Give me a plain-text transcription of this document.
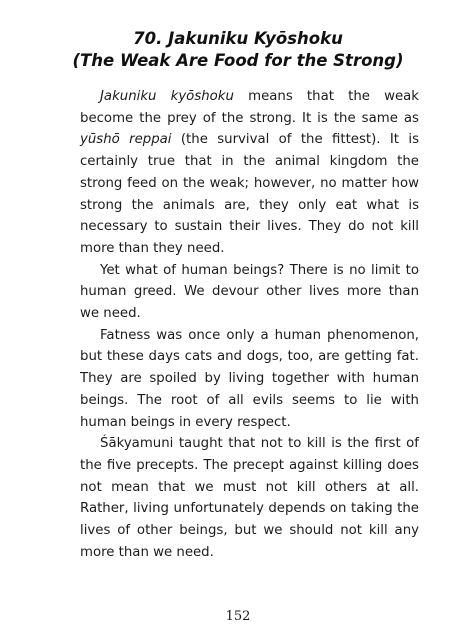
70. Jakuniku Kyōshoku
(The Weak Are Food for the Strong)

Jakuniku kyōshoku means that the weak become the prey of the strong. It is the same as yūshō reppai (the survival of the fittest). It is certainly true that in the animal kingdom the strong feed on the weak; however, no matter how strong the animals are, they only eat what is necessary to sustain their lives. They do not kill more than they need.

Yet what of human beings? There is no limit to human greed. We devour other lives more than we need.

Fatness was once only a human phenomenon, but these days cats and dogs, too, are getting fat. They are spoiled by living together with human beings. The root of all evils seems to lie with human beings in every respect.

Śākyamuni taught that not to kill is the first of the five precepts. The precept against killing does not mean that we must not kill others at all. Rather, living unfortunately depends on taking the lives of other beings, but we should not kill any more than we need.

152
